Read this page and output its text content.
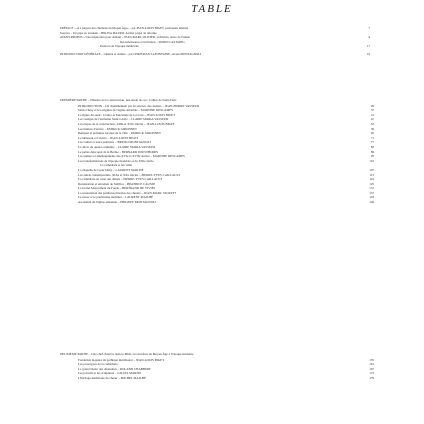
TABLE
PRÉFACE – «La plupart des chrétiens du Moyen Âge» – par JEAN-LOUIS BIGET, professeur émérite	7
Sources – Un pape au tournant – BRUNA MAURO, dernier projet de réforme
AVANT-PROPOS – Une inspiration pour demain – JEAN-MARC OLIVIER, archiviste, notes de l'auteur	9
Reconnaissance et invitation – SIMON CASTAING
Postface de l'époque médiévale	17
INTRODUCTION GÉNÉRALE – Cinéma et culture – par CHRISTIAN LAFONTAINE, ancien MONTAGNOLI	19
PREMIÈRE PARTIE – Histoire de la construction, une étude de cas : Cahier de Saint-Tiers
INTRODUCTION – Un cheminement par les siècles, des ateliers – JEAN-PIERRE VASSEUR	29
Saint-Cluny et les origines de l'église abbatiale – MARTINE DESCAMPS	37
La figure du saint : Cloître et l'ancienne de la Croix – JEAN-LOUIS BIGET	41
Les vestiges de l'ancienne Saint-Cécile – CLAIRE MARIA VASSEUR	47
Les étapes de la construction, XIIIe et XIVe siècles – JEAN-LOUIS BIGET	53
Les maîtres d'œuvre – PATRICK GIRONNET	59
Rempart et politique lorsque de la ville – PATRICK GIRONNET	65
Le bâtisseur et l'œuvre – JEAN-LOUIS BIGET	71
Les voûtes et leurs peintures – BRUNO MONTAGNOLI	77
Le décor du quatre-centième – CLAIRE MARIA VASSEUR	83
Le palais épiscopal de la Berbie – BERNARD POUSTHOMIS	89
Les ateliers et aménagements des XVIe et XVIIe siècles – MARTINE DESCAMPS	95
Les transformations de l'époque moderne et du XIXe siècle	101
La cathédrale et les villes
La chapelle de Cœur Duby – LAURENT MAILHÉ	107
Les autels contemporains, XIXe et XXe siècles – PIERRE-YVES CAILLAULT	113
La cathédrale au cœur des débats – PIERRE-YVES CAILLAULT	119
Restauration et entretien de l'édifice – BÉATRICE CAUSSE	125
Le Grand Mouvement du Fonds – BERTRAND DE VIVIÉS	131
La restauration des peintures murales des chœurs – JEAN-MARC STOUFFS	137
Le trésor et le patrimoine mobilier – LAURENT MAILHÉ	143
Ascension de l'église abbatiale – PHILIPPE MONTAGNOLI	149
DEUXIÈME PARTIE – Une chef-d'œuvre dans le Midi, au carrefour du Moyen Âge à l'époque moderne
Fondation majeure du gothique méridional – JEAN-LOUIS BIGET	155
Les prototypes de la cathédrale	161
Le grand chœur des chanoines – ROLAND CHABBERT	167
Les portails et les sculptures – GILLES MARTIN	173
L'héritage médiévale du chœur – MICHEL MAILHÉ	179
